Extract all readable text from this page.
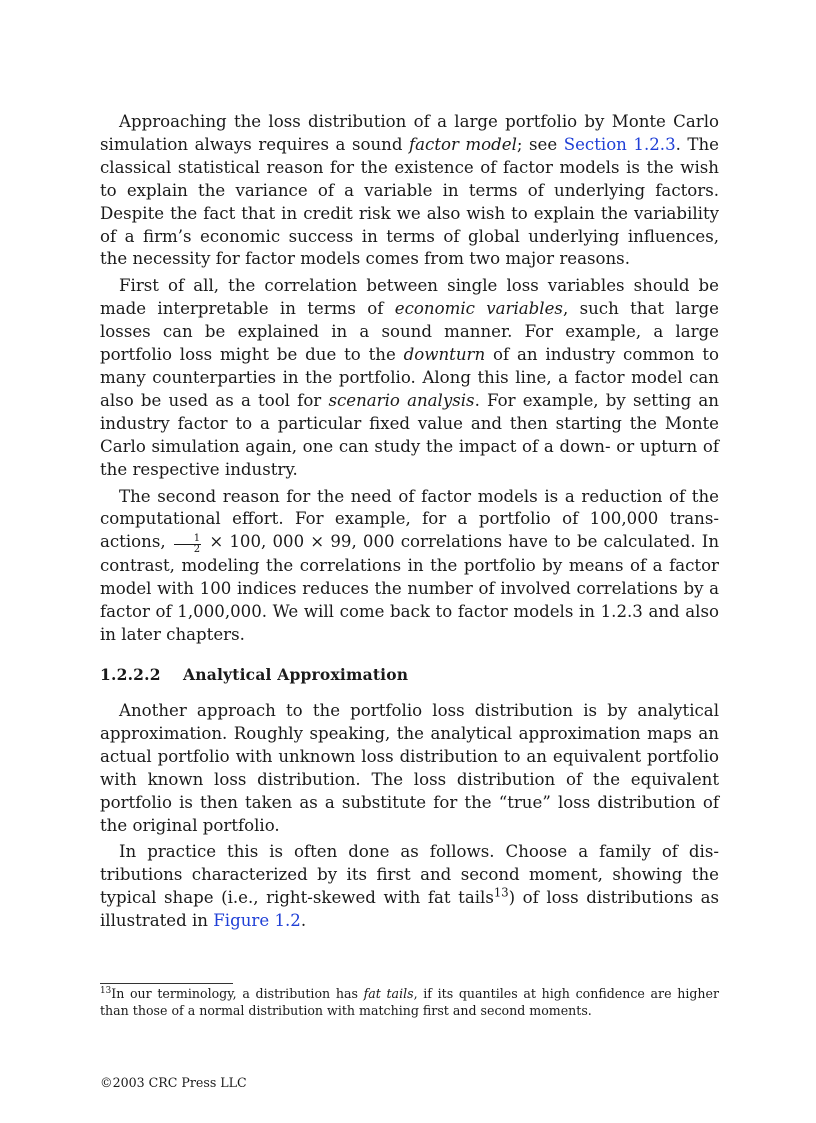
Approaching the loss distribution of a large portfolio by Monte Carlo simulation always requires a sound factor model; see Section 1.2.3. The classical statistical reason for the existence of factor models is the wish to explain the variance of a variable in terms of underlying factors. Despite the fact that in credit risk we also wish to explain the variability of a firm’s economic success in terms of global underlying influences, the necessity for factor models comes from two major reasons.

First of all, the correlation between single loss variables should be made interpretable in terms of economic variables, such that large losses can be explained in a sound manner. For example, a large portfolio loss might be due to the downturn of an industry common to many counterparties in the portfolio. Along this line, a factor model can also be used as a tool for scenario analysis. For example, by setting an industry factor to a particular fixed value and then starting the Monte Carlo simulation again, one can study the impact of a down- or upturn of the respective industry.

The second reason for the need of factor models is a reduction of the computational effort. For example, for a portfolio of 100,000 transactions, $\frac{1}{2} \times 100$, 000 × 99, 000 correlations have to be calculated. In contrast, modeling the correlations in the portfolio by means of a factor model with 100 indices reduces the number of involved correlations by a factor of 1,000,000. We will come back to factor models in 1.2.3 and also in later chapters.

1.2.2.2 Analytical Approximation

Another approach to the portfolio loss distribution is by analytical approximation. Roughly speaking, the analytical approximation maps an actual portfolio with unknown loss distribution to an equivalent portfolio with known loss distribution. The loss distribution of the equivalent portfolio is then taken as a substitute for the “true” loss distribution of the original portfolio.

In practice this is often done as follows. Choose a family of distributions characterized by its first and second moment, showing the typical shape (i.e., right-skewed with fat tails$^{13}$) of loss distributions as illustrated in Figure 1.2.

$^{13}$In our terminology, a distribution has fat tails, if its quantiles at high confidence are higher than those of a normal distribution with matching first and second moments.
©2003 CRC Press LLC
